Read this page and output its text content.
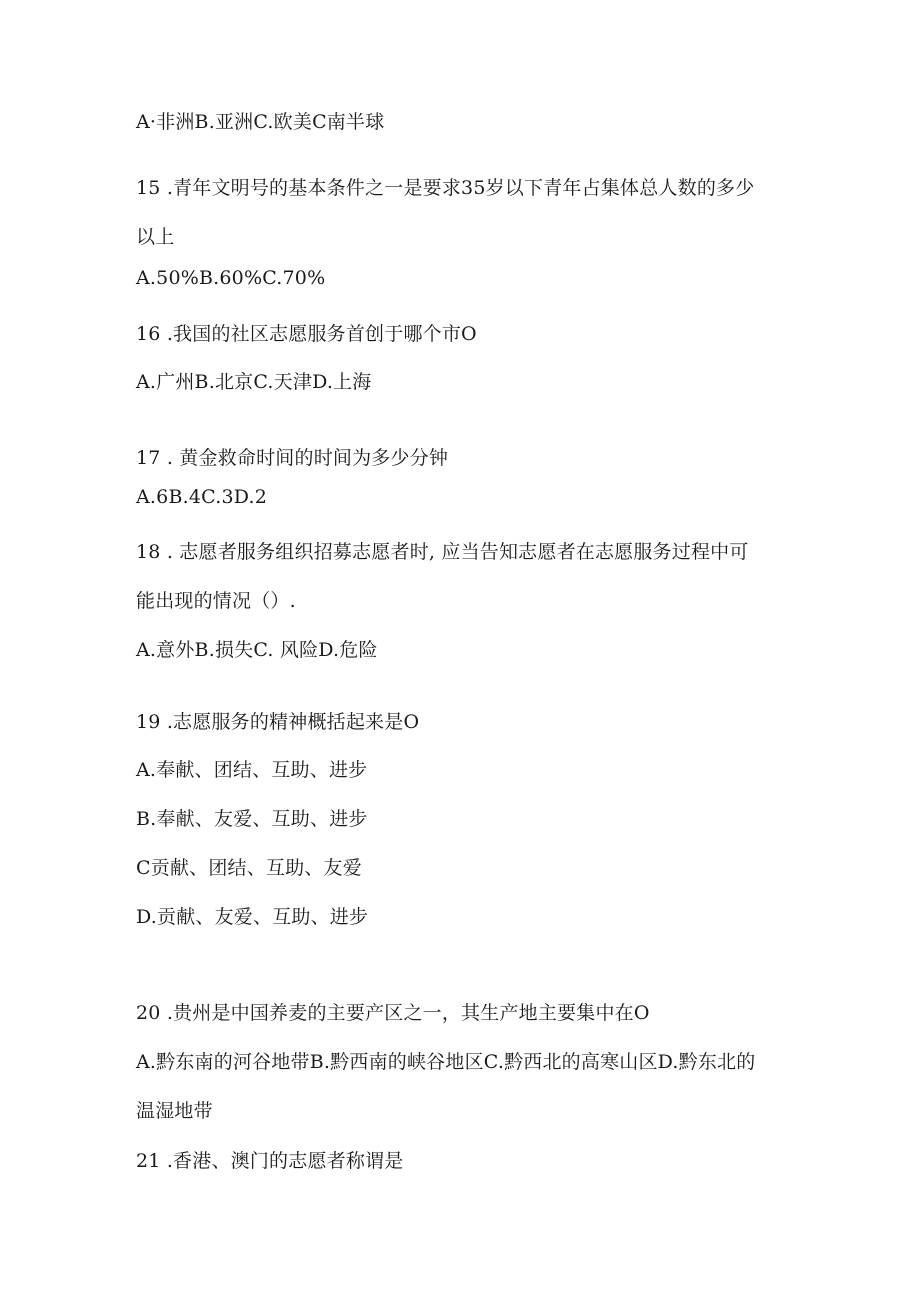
A·非洲B.亚洲C.欧美C南半球
15 .青年文明号的基本条件之一是要求35岁以下青年占集体总人数的多少
以上
A.50%B.60%C.70%
16 .我国的社区志愿服务首创于哪个市O
A.广州B.北京C.天津D.上海
17 . 黄金救命时间的时间为多少分钟
A.6B.4C.3D.2
18 . 志愿者服务组织招募志愿者时, 应当告知志愿者在志愿服务过程中可
能出现的情况（）.
A.意外B.损失C. 风险D.危险
19 .志愿服务的精神概括起来是O
A.奉献、团结、互助、进步
B.奉献、友爱、互助、进步
C贡献、团结、互助、友爱
D.贡献、友爱、互助、进步
20 .贵州是中国养麦的主要产区之一，其生产地主要集中在O
A.黔东南的河谷地带B.黔西南的峡谷地区C.黔西北的高寒山区D.黔东北的
温湿地带
21 .香港、澳门的志愿者称谓是
